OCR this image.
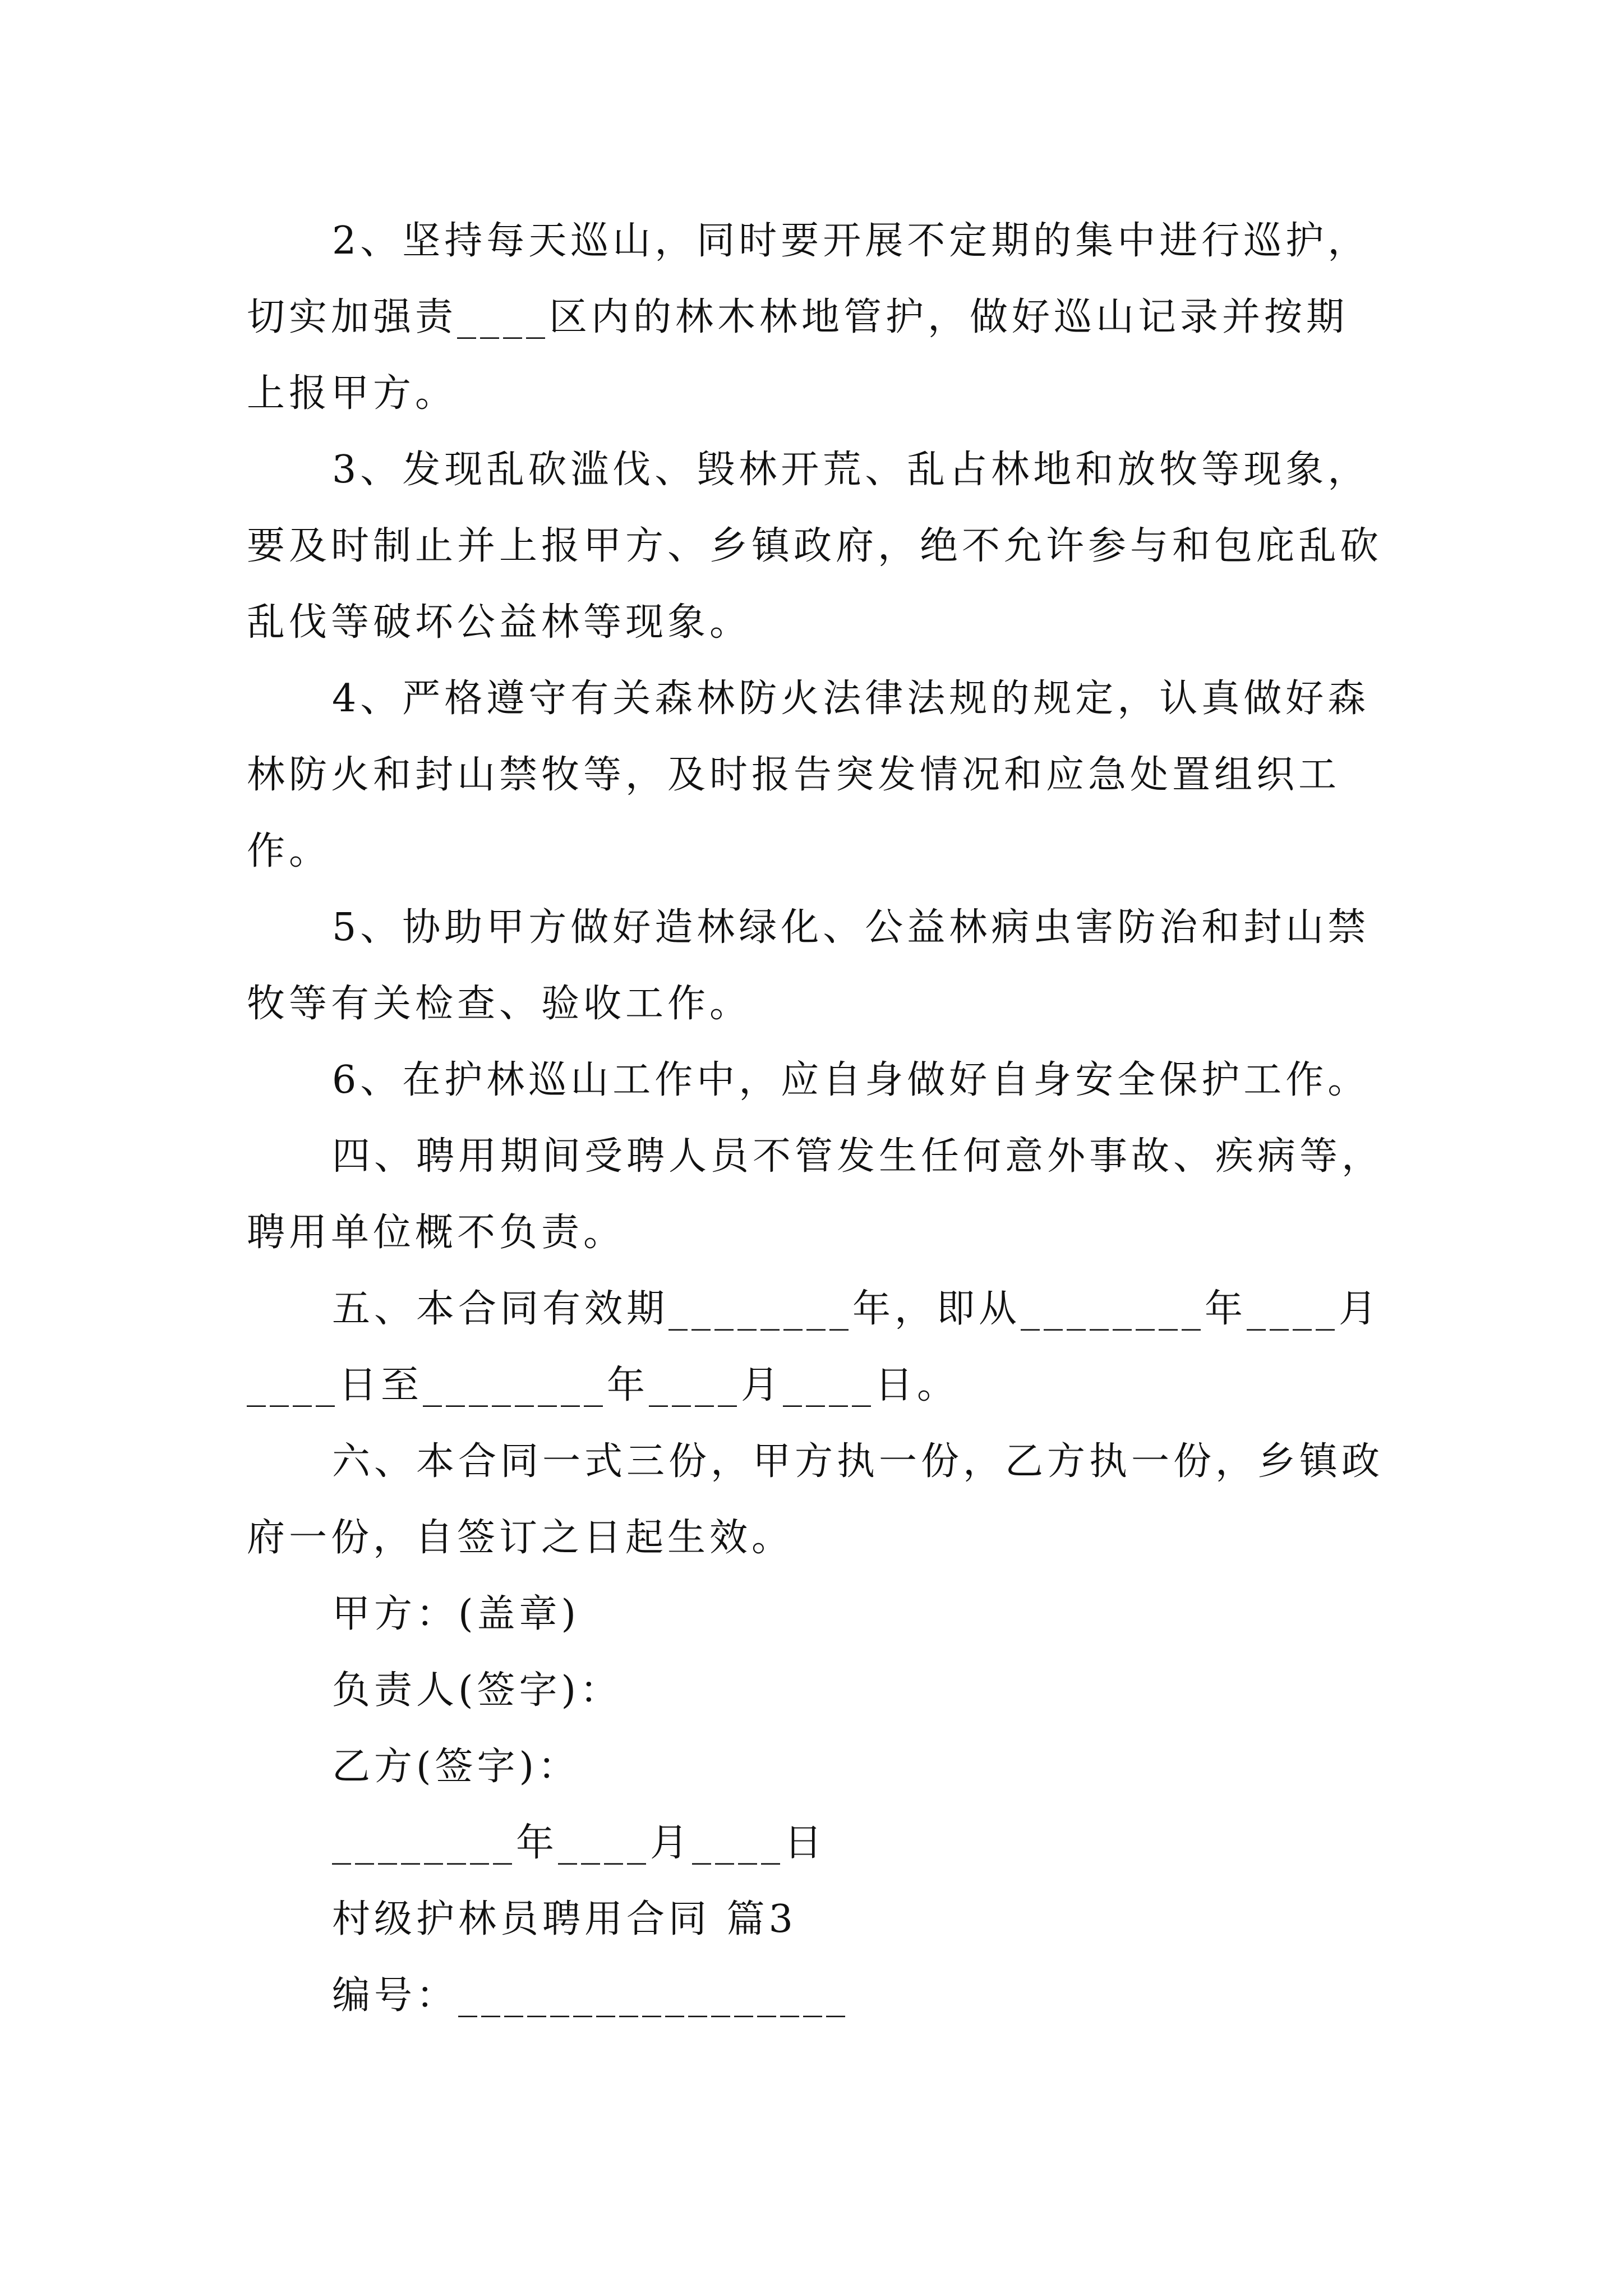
2、坚持每天巡山，同时要开展不定期的集中进行巡护，切实加强责____区内的林木林地管护，做好巡山记录并按期上报甲方。

3、发现乱砍滥伐、毁林开荒、乱占林地和放牧等现象，要及时制止并上报甲方、乡镇政府，绝不允许参与和包庇乱砍乱伐等破坏公益林等现象。

4、严格遵守有关森林防火法律法规的规定，认真做好森林防火和封山禁牧等，及时报告突发情况和应急处置组织工作。

5、协助甲方做好造林绿化、公益林病虫害防治和封山禁牧等有关检查、验收工作。

6、在护林巡山工作中，应自身做好自身安全保护工作。

四、聘用期间受聘人员不管发生任何意外事故、疾病等，聘用单位概不负责。

五、本合同有效期________年，即从________年____月____日至________年____月____日。

六、本合同一式三份，甲方执一份，乙方执一份，乡镇政府一份，自签订之日起生效。

甲方：(盖章)

负责人(签字)：

乙方(签字)：

________年____月____日

村级护林员聘用合同 篇3

编号：_________________
